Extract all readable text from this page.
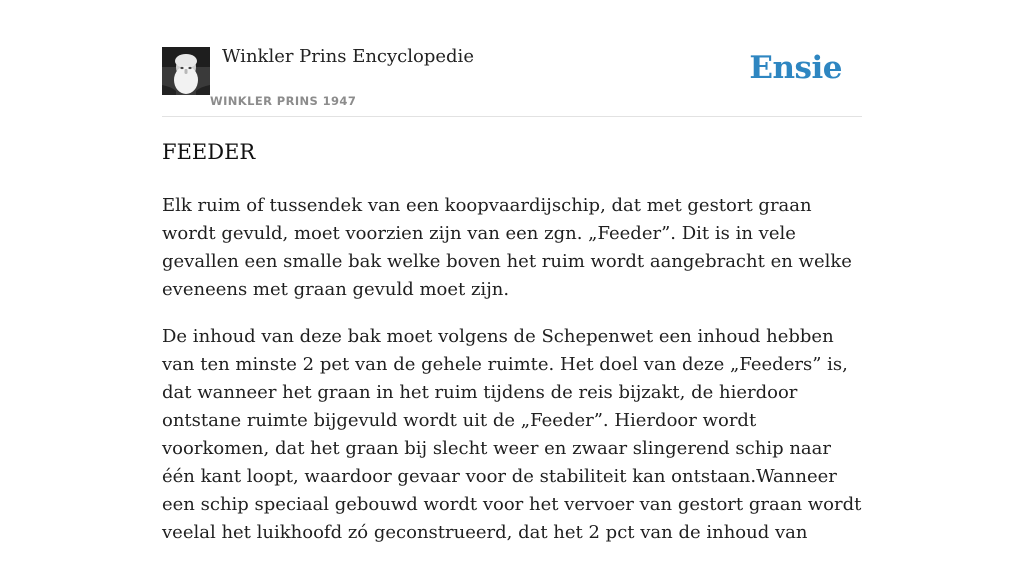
Winkler Prins Encyclopedie
WINKLER PRINS 1947
Ensie
FEEDER

Elk ruim of tussendek van een koopvaardijschip, dat met gestort graan wordt gevuld, moet voorzien zijn van een zgn. „Feeder”. Dit is in vele gevallen een smalle bak welke boven het ruim wordt aangebracht en welke eveneens met graan gevuld moet zijn.

De inhoud van deze bak moet volgens de Schepenwet een inhoud hebben van ten minste 2 pet van de gehele ruimte. Het doel van deze „Feeders” is, dat wanneer het graan in het ruim tijdens de reis bijzakt, de hierdoor ontstane ruimte bijgevuld wordt uit de „Feeder”. Hierdoor wordt voorkomen, dat het graan bij slecht weer en zwaar slingerend schip naar één kant loopt, waardoor gevaar voor de stabiliteit kan ontstaan.Wanneer een schip speciaal gebouwd wordt voor het vervoer van gestort graan wordt veelal het luikhoofd zó geconstrueerd, dat het 2 pct van de inhoud van
